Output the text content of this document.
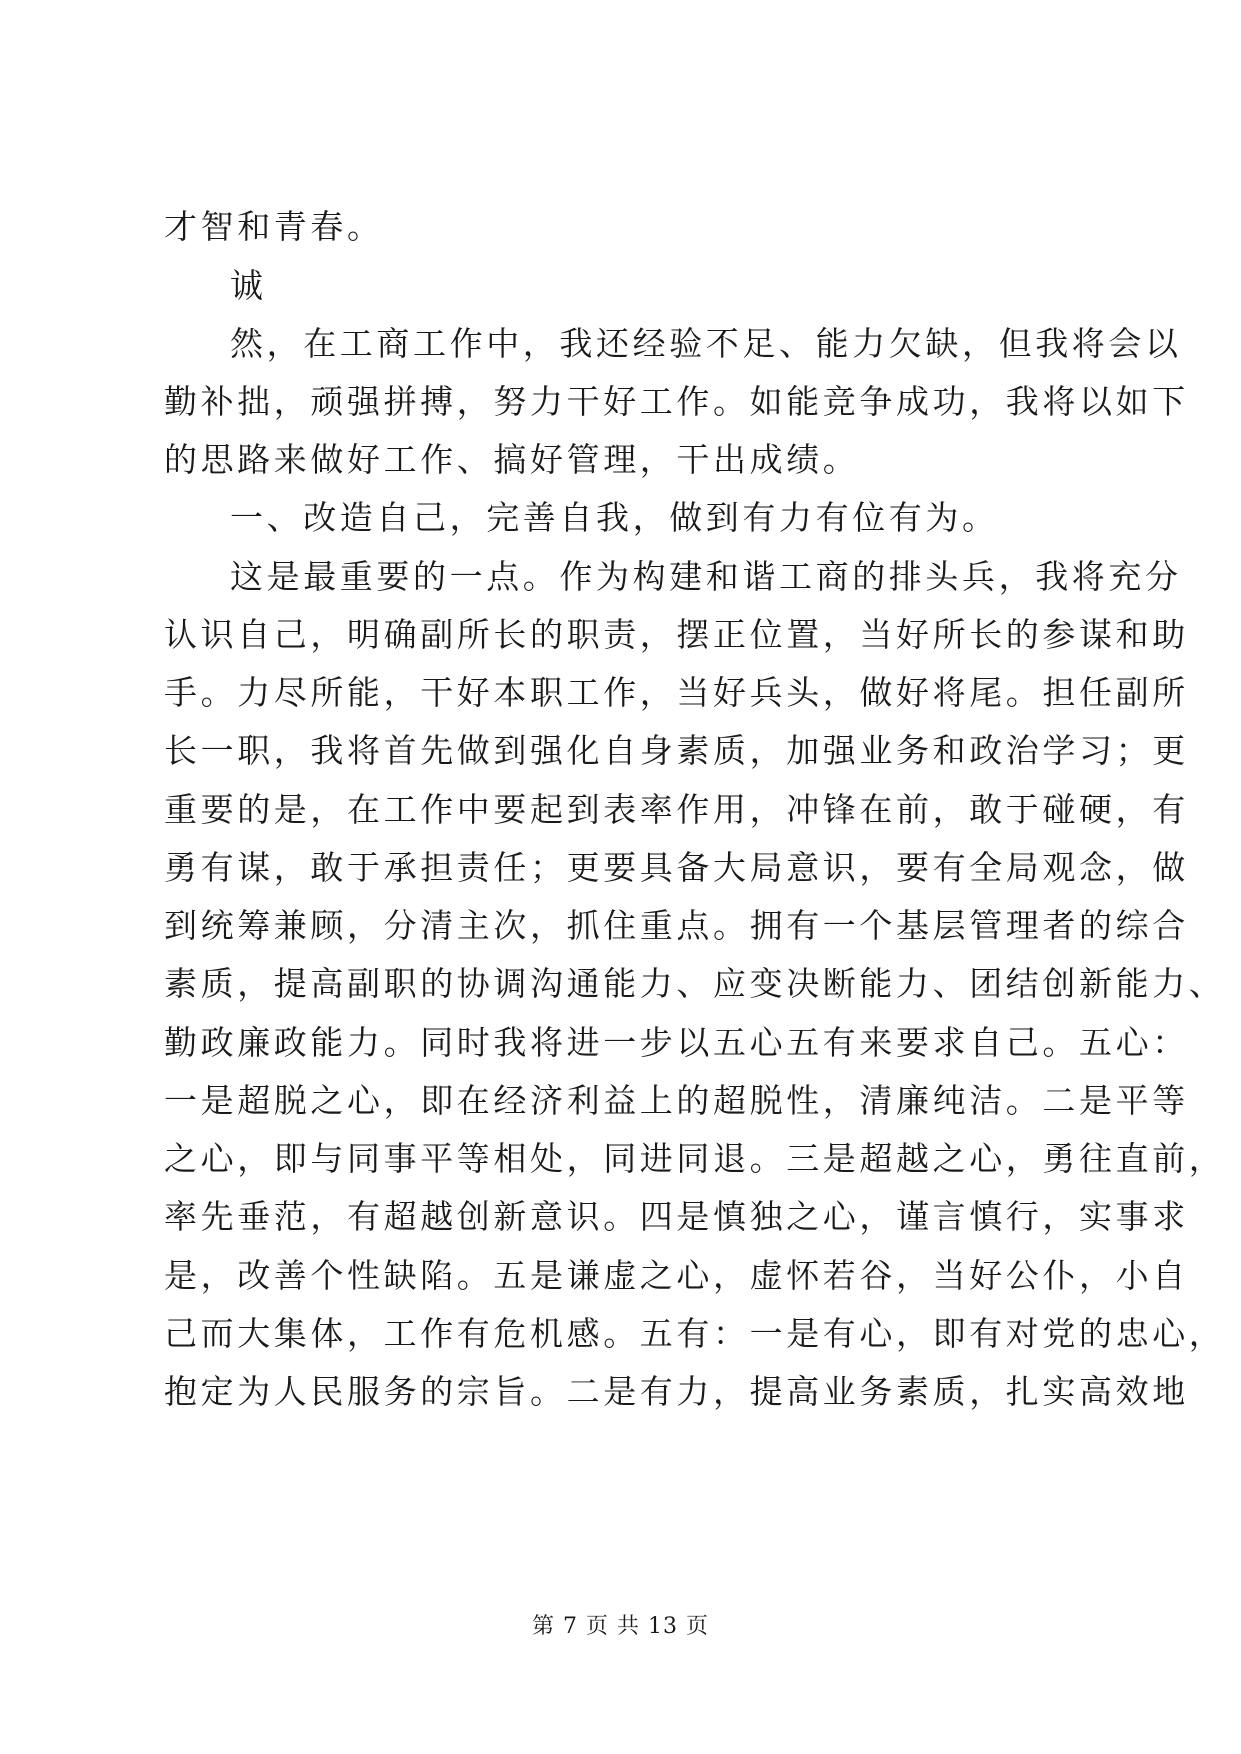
才智和青春。
诚
然，在工商工作中，我还经验不足、能力欠缺，但我将会以
勤补拙，顽强拼搏，努力干好工作。如能竞争成功，我将以如下
的思路来做好工作、搞好管理，干出成绩。
一、改造自己，完善自我，做到有力有位有为。
这是最重要的一点。作为构建和谐工商的排头兵，我将充分
认识自己，明确副所长的职责，摆正位置，当好所长的参谋和助
手。力尽所能，干好本职工作，当好兵头，做好将尾。担任副所
长一职，我将首先做到强化自身素质，加强业务和政治学习；更
重要的是，在工作中要起到表率作用，冲锋在前，敢于碰硬，有
勇有谋，敢于承担责任；更要具备大局意识，要有全局观念，做
到统筹兼顾，分清主次，抓住重点。拥有一个基层管理者的综合
素质，提高副职的协调沟通能力、应变决断能力、团结创新能力、
勤政廉政能力。同时我将进一步以五心五有来要求自己。五心：
一是超脱之心，即在经济利益上的超脱性，清廉纯洁。二是平等
之心，即与同事平等相处，同进同退。三是超越之心，勇往直前，
率先垂范，有超越创新意识。四是慎独之心，谨言慎行，实事求
是，改善个性缺陷。五是谦虚之心，虚怀若谷，当好公仆，小自
己而大集体，工作有危机感。五有：一是有心，即有对党的忠心，
抱定为人民服务的宗旨。二是有力，提高业务素质，扎实高效地
第 7 页 共 13 页
